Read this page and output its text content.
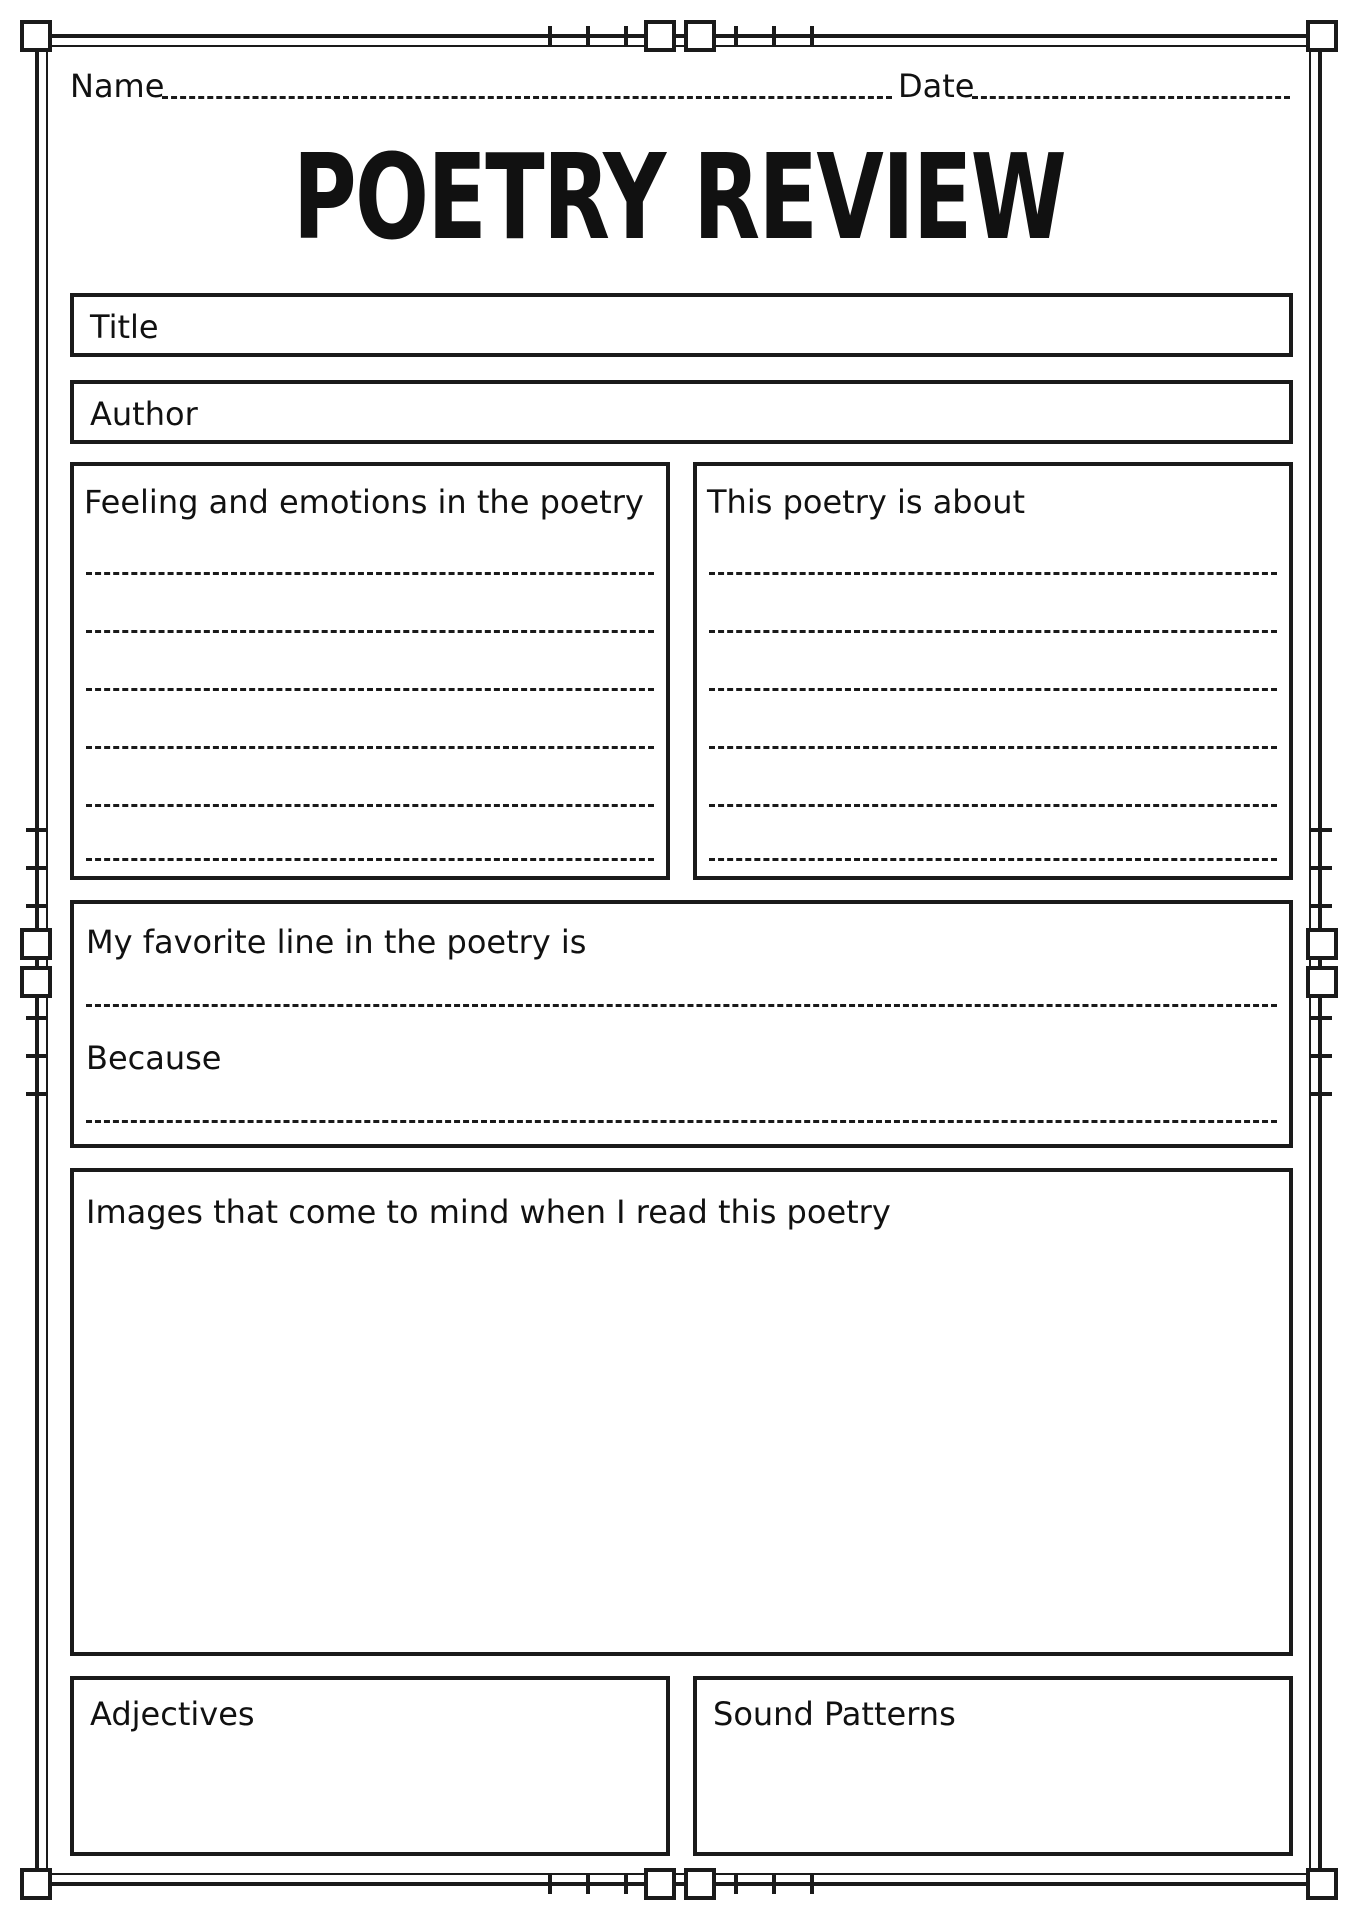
Name	Date
POETRY REVIEW
Title
Author
Feeling and emotions in the poetry This poetry is about
My favorite line in the poetry is
Because
Images that come to mind when I read this poetry
Adjectives	Sound Patterns
